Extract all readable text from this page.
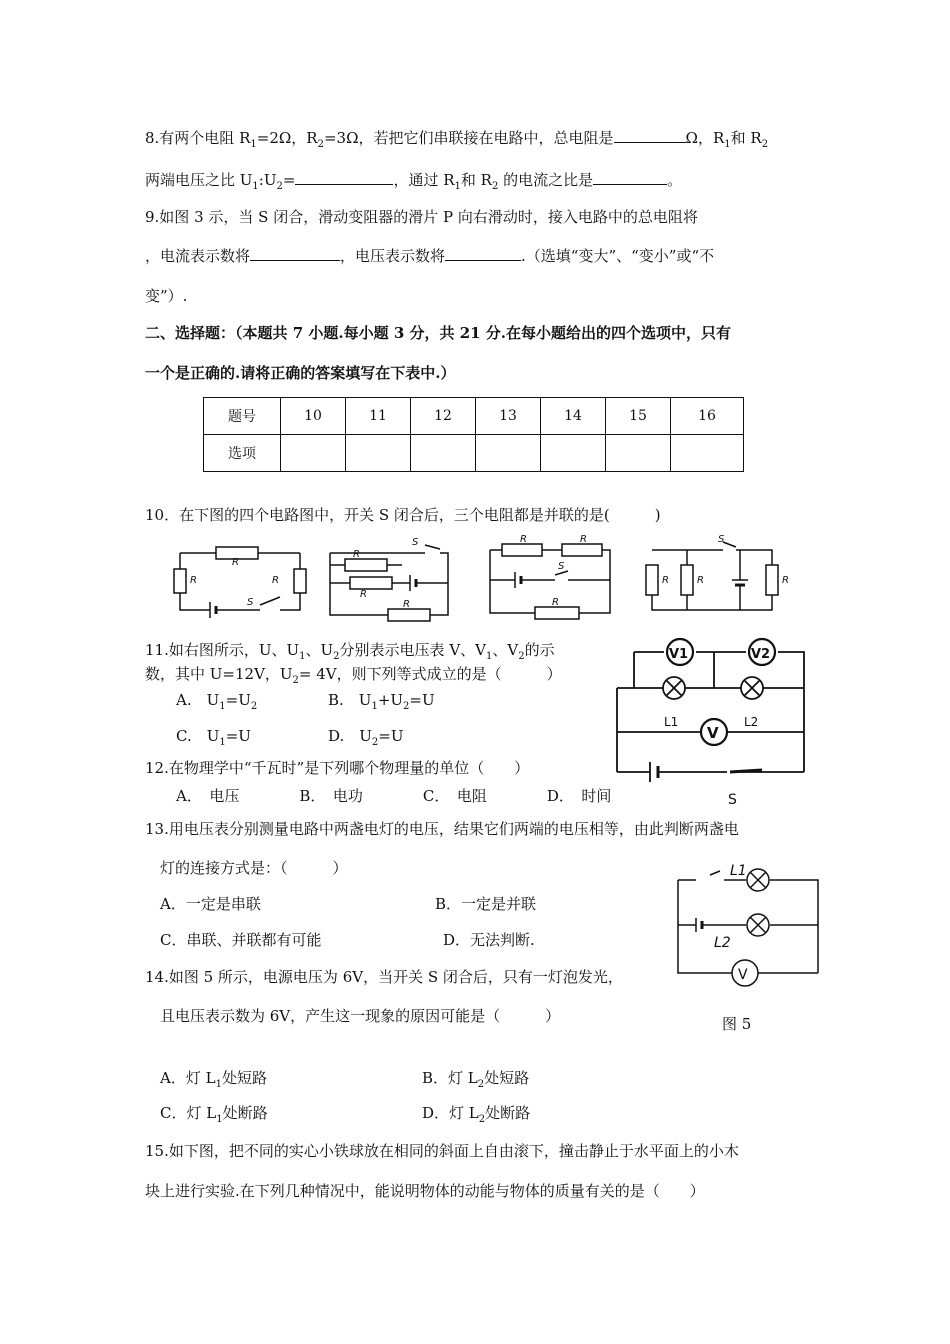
8.有两个电阻 $R_1=2\Omega$，$R_2=3\Omega$，若把它们串联接在电路中，总电阻是	Ω，$R_1$和 $R_2$
两端电压之比 $U_1:U_2=$	，通过 $R_1$和 $R_2$ 的电流之比是	。
9.如图 3 示，当 S 闭合，滑动变阻器的滑片 P 向右滑动时，接入电路中的总电阻将
，电流表示数将	，电压表示数将	.（选填“变大”、“变小”或“不
变”）.
二、选择题：（本题共 7 小题.每小题 3 分，共 21 分.在每小题给出的四个选项中，只有
一个是正确的.请将正确的答案填写在下表中.）
题号	10	11	12	13	14	15	16
选项							
10．在下图的四个电路图中，开关 S 闭合后，三个电阻都是并联的是(　　　)
R
R	R
S
R
R
R
S	R	R
R
S
R	R	R
S
11.如右图所示，U、$U_1$、$U_2$分别表示电压表 V、$V_1$、$V_2$的示
数，其中 U=12V，$U_2= 4V$，则下列等式成立的是（　　　）
A.　$U_1=U_2$	B.　$U_1+U_2=U$
C.　$U_1=U$	D.　$U_2=U$
V1	V2
V
L1	L2
S
12.在物理学中“千瓦时”是下列哪个物理量的单位（　　）
A．　电压　　　　B．　电功　　　　C．　电阻　　　　D．　时间
13.用电压表分别测量电路中两盏电灯的电压，结果它们两端的电压相等，由此判断两盏电
灯的连接方式是：（　　　）
A．一定是串联	B．一定是并联
C．串联、并联都有可能	D．无法判断.
L1
L2
V
图 5
14.如图 5 所示，电源电压为 6V，当开关 S 闭合后，只有一灯泡发光，
且电压表示数为 6V，产生这一现象的原因可能是（　　　）
A．灯 $L_1$处短路	B．灯 $L_2$处短路
C．灯 $L_1$处断路	D．灯 $L_2$处断路
15.如下图，把不同的实心小铁球放在相同的斜面上自由滚下，撞击静止于水平面上的小木
块上进行实验.在下列几种情况中，能说明物体的动能与物体的质量有关的是（　　）
